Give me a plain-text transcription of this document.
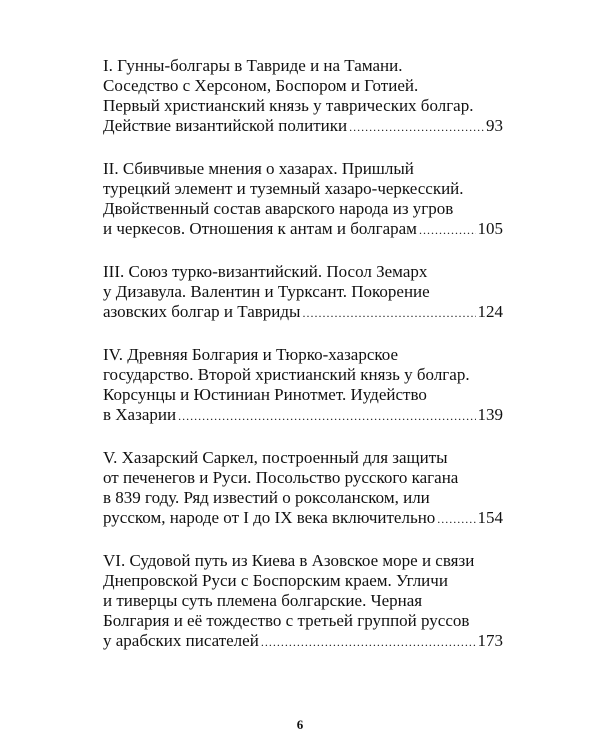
I. Гунны-болгары в Тавриде и на Тамани.
Соседство с Херсоном, Боспором и Готией.
Первый христианский князь у таврических болгар.
Действие византийской политики .....	93
II. Сбивчивые мнения о хазарах. Пришлый
турецкий элемент и туземный хазаро-черкесский.
Двойственный состав аварского народа из угров
и черкесов. Отношения к антам и болгарам .....	105
III. Союз турко-византийский. Посол Земарх
у Дизавула. Валентин и Турксант. Покорение
азовских болгар и Тавриды .....	124
IV. Древняя Болгария и Тюрко-хазарское
государство. Второй христианский князь у болгар.
Корсунцы и Юстиниан Ринотмет. Иудейство
в Хазарии .....	139
V. Хазарский Саркел, построенный для защиты
от печенегов и Руси. Посольство русского кагана
в 839 году. Ряд известий о роксоланском, или
русском, народе от I до IX века включительно ..... 154
VI. Судовой путь из Киева в Азовское море и связи
Днепровской Руси с Боспорским краем. Угличи
и тиверцы суть племена болгарские. Черная
Болгария и её тождество с третьей группой руссов
у арабских писателей .....	173
6
